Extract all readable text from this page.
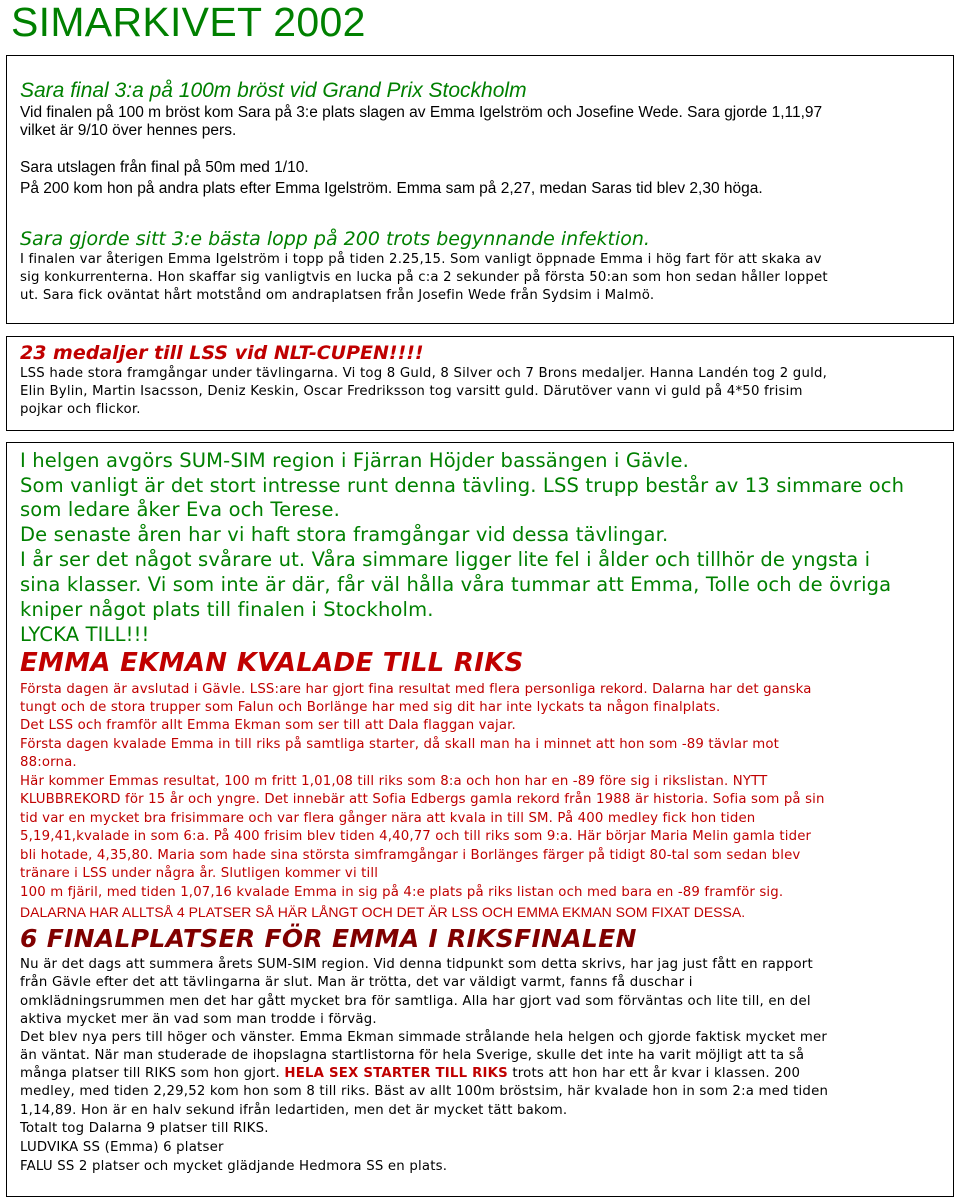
SIMARKIVET 2002

Sara final 3:a på 100m bröst vid Grand Prix Stockholm

Vid finalen på 100 m bröst kom Sara på 3:e plats slagen av Emma Igelström och Josefine Wede. Sara gjorde 1,11,97

vilket är 9/10 över hennes pers.

Sara utslagen från final på 50m med 1/10.

På 200 kom hon på andra plats efter Emma Igelström. Emma sam på 2,27, medan Saras tid blev 2,30 höga.

Sara gjorde sitt 3:e bästa lopp på 200 trots begynnande infektion.

I finalen var återigen Emma Igelström i topp på tiden 2.25,15. Som vanligt öppnade Emma i hög fart för att skaka av

sig konkurrenterna. Hon skaffar sig vanligtvis en lucka på c:a 2 sekunder på första 50:an som hon sedan håller loppet

ut. Sara fick oväntat hårt motstånd om andraplatsen från Josefin Wede från Sydsim i Malmö.

23 medaljer till LSS vid NLT-CUPEN!!!!

LSS hade stora framgångar under tävlingarna. Vi tog 8 Guld, 8 Silver och 7 Brons medaljer. Hanna Landén tog 2 guld,

Elin Bylin, Martin Isacsson, Deniz Keskin, Oscar Fredriksson tog varsitt guld. Därutöver vann vi guld på 4*50 frisim

pojkar och flickor.

I helgen avgörs SUM-SIM region i Fjärran Höjder bassängen i Gävle.

Som vanligt är det stort intresse runt denna tävling. LSS trupp består av 13 simmare och

som ledare åker Eva och Terese.

De senaste åren har vi haft stora framgångar vid dessa tävlingar.

I år ser det något svårare ut. Våra simmare ligger lite fel i ålder och tillhör de yngsta i

sina klasser. Vi som inte är där, får väl hålla våra tummar att Emma, Tolle och de övriga

kniper något plats till finalen i Stockholm.

LYCKA TILL!!!

EMMA EKMAN KVALADE TILL RIKS

Första dagen är avslutad i Gävle. LSS:are har gjort fina resultat med flera personliga rekord. Dalarna har det ganska

tungt och de stora trupper som Falun och Borlänge har med sig dit har inte lyckats ta någon finalplats.

Det LSS och framför allt Emma Ekman som ser till att Dala flaggan vajar.

Första dagen kvalade Emma in till riks på samtliga starter, då skall man ha i minnet att hon som -89 tävlar mot

88:orna.

Här kommer Emmas resultat, 100 m fritt 1,01,08 till riks som 8:a och hon har en -89 före sig i rikslistan. NYTT

KLUBBREKORD för 15 år och yngre. Det innebär att Sofia Edbergs gamla rekord från 1988 är historia. Sofia som på sin

tid var en mycket bra frisimmare och var flera gånger nära att kvala in till SM. På 400 medley fick hon tiden

5,19,41,kvalade in som 6:a. På 400 frisim blev tiden 4,40,77 och till riks som 9:a. Här börjar Maria Melin gamla tider

bli hotade, 4,35,80. Maria som hade sina största simframgångar i Borlänges färger på tidigt 80-tal som sedan blev

tränare i LSS under några år. Slutligen kommer vi till

100 m fjäril, med tiden 1,07,16 kvalade Emma in sig på 4:e plats på riks listan och med bara en -89 framför sig.

DALARNA HAR ALLTSÅ 4 PLATSER SÅ HÄR LÅNGT OCH DET ÄR LSS OCH EMMA EKMAN SOM FIXAT DESSA.

6 FINALPLATSER FÖR EMMA I RIKSFINALEN

Nu är det dags att summera årets SUM-SIM region. Vid denna tidpunkt som detta skrivs, har jag just fått en rapport

från Gävle efter det att tävlingarna är slut. Man är trötta, det var väldigt varmt, fanns få duschar i

omklädningsrummen men det har gått mycket bra för samtliga. Alla har gjort vad som förväntas och lite till, en del

aktiva mycket mer än vad som man trodde i förväg.

Det blev nya pers till höger och vänster. Emma Ekman simmade strålande hela helgen och gjorde faktisk mycket mer

än väntat. När man studerade de ihopslagna startlistorna för hela Sverige, skulle det inte ha varit möjligt att ta så

många platser till RIKS som hon gjort. HELA SEX STARTER TILL RIKS trots att hon har ett år kvar i klassen. 200

medley, med tiden 2,29,52 kom hon som 8 till riks. Bäst av allt 100m bröstsim, här kvalade hon in som 2:a med tiden

1,14,89. Hon är en halv sekund ifrån ledartiden, men det är mycket tätt bakom.

Totalt tog Dalarna 9 platser till RIKS.

LUDVIKA SS (Emma) 6 platser

FALU SS 2 platser och mycket glädjande Hedmora SS en plats.
